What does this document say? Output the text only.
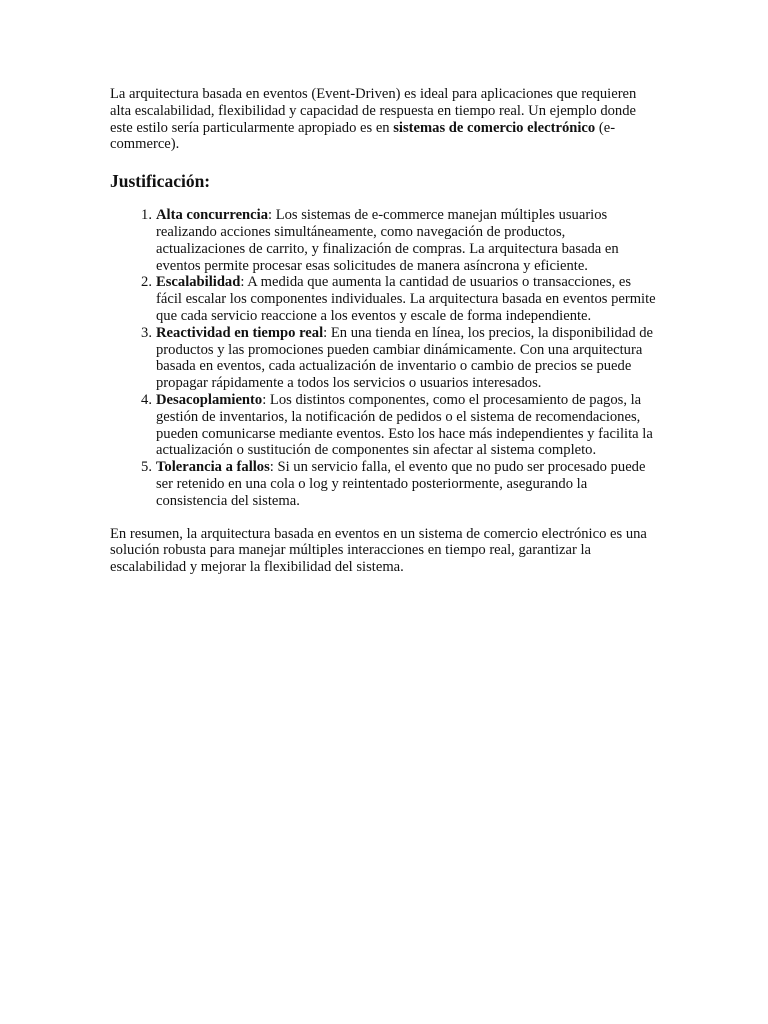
La arquitectura basada en eventos (Event-Driven) es ideal para aplicaciones que requieren alta escalabilidad, flexibilidad y capacidad de respuesta en tiempo real. Un ejemplo donde este estilo sería particularmente apropiado es en sistemas de comercio electrónico (e-commerce).

Justificación:
1. Alta concurrencia: Los sistemas de e-commerce manejan múltiples usuarios realizando acciones simultáneamente, como navegación de productos, actualizaciones de carrito, y finalización de compras. La arquitectura basada en eventos permite procesar esas solicitudes de manera asíncrona y eficiente.
2. Escalabilidad: A medida que aumenta la cantidad de usuarios o transacciones, es fácil escalar los componentes individuales. La arquitectura basada en eventos permite que cada servicio reaccione a los eventos y escale de forma independiente.
3. Reactividad en tiempo real: En una tienda en línea, los precios, la disponibilidad de productos y las promociones pueden cambiar dinámicamente. Con una arquitectura basada en eventos, cada actualización de inventario o cambio de precios se puede propagar rápidamente a todos los servicios o usuarios interesados.
4. Desacoplamiento: Los distintos componentes, como el procesamiento de pagos, la gestión de inventarios, la notificación de pedidos o el sistema de recomendaciones, pueden comunicarse mediante eventos. Esto los hace más independientes y facilita la actualización o sustitución de componentes sin afectar al sistema completo.
5. Tolerancia a fallos: Si un servicio falla, el evento que no pudo ser procesado puede ser retenido en una cola o log y reintentado posteriormente, asegurando la consistencia del sistema.

En resumen, la arquitectura basada en eventos en un sistema de comercio electrónico es una solución robusta para manejar múltiples interacciones en tiempo real, garantizar la escalabilidad y mejorar la flexibilidad del sistema.
